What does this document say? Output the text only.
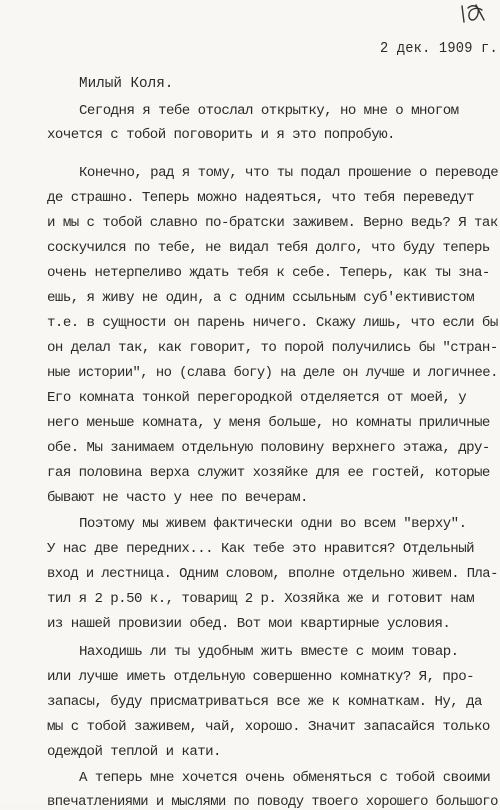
2 дек. 1909 г.
Милый Коля.
Сегодня я тебе отослал открытку, но мне о многом
хочется с тобой поговорить и я это попробую.
Конечно, рад я тому, что ты подал прошение о переводе
де страшно. Теперь можно надеяться, что тебя переведут
и мы с тобой славно по-братски заживем. Верно ведь? Я так
соскучился по тебе, не видал тебя долго, что буду теперь
очень нетерпеливо ждать тебя к себе. Теперь, как ты зна-
ешь, я живу не один, а с одним ссыльным суб'ективистом
т.е. в сущности он парень ничего. Скажу лишь, что если бы
он делал так, как говорит, то порой получились бы "стран-
ные истории", но (слава богу) на деле он лучше и логичнее.
Его комната тонкой перегородкой отделяется от моей, у
него меньше комната, у меня больше, но комнаты приличные
обе. Мы занимаем отдельную половину верхнего этажа, дру-
гая половина верха служит хозяйке для ее гостей, которые
бывают не часто у нее по вечерам.
Поэтому мы живем фактически одни во всем "верху".
У нас две передних... Как тебе это нравится? Отдельный
вход и лестница. Одним словом, вполне отдельно живем. Пла-
тил я 2 р.50 к., товарищ 2 р. Хозяйка же и готовит нам
из нашей провизии обед. Вот мои квартирные условия.
Находишь ли ты удобным жить вместе с моим товар.
или лучше иметь отдельную совершенно комнатку? Я, про-
запасы, буду присматриваться все же к комнаткам. Ну, да
мы с тобой заживем, чай, хорошо. Значит запасайся только
одеждой теплой и кати.
А теперь мне хочется очень обменяться с тобой своими
впечатлениями и мыслями по поводу твоего хорошего большого
